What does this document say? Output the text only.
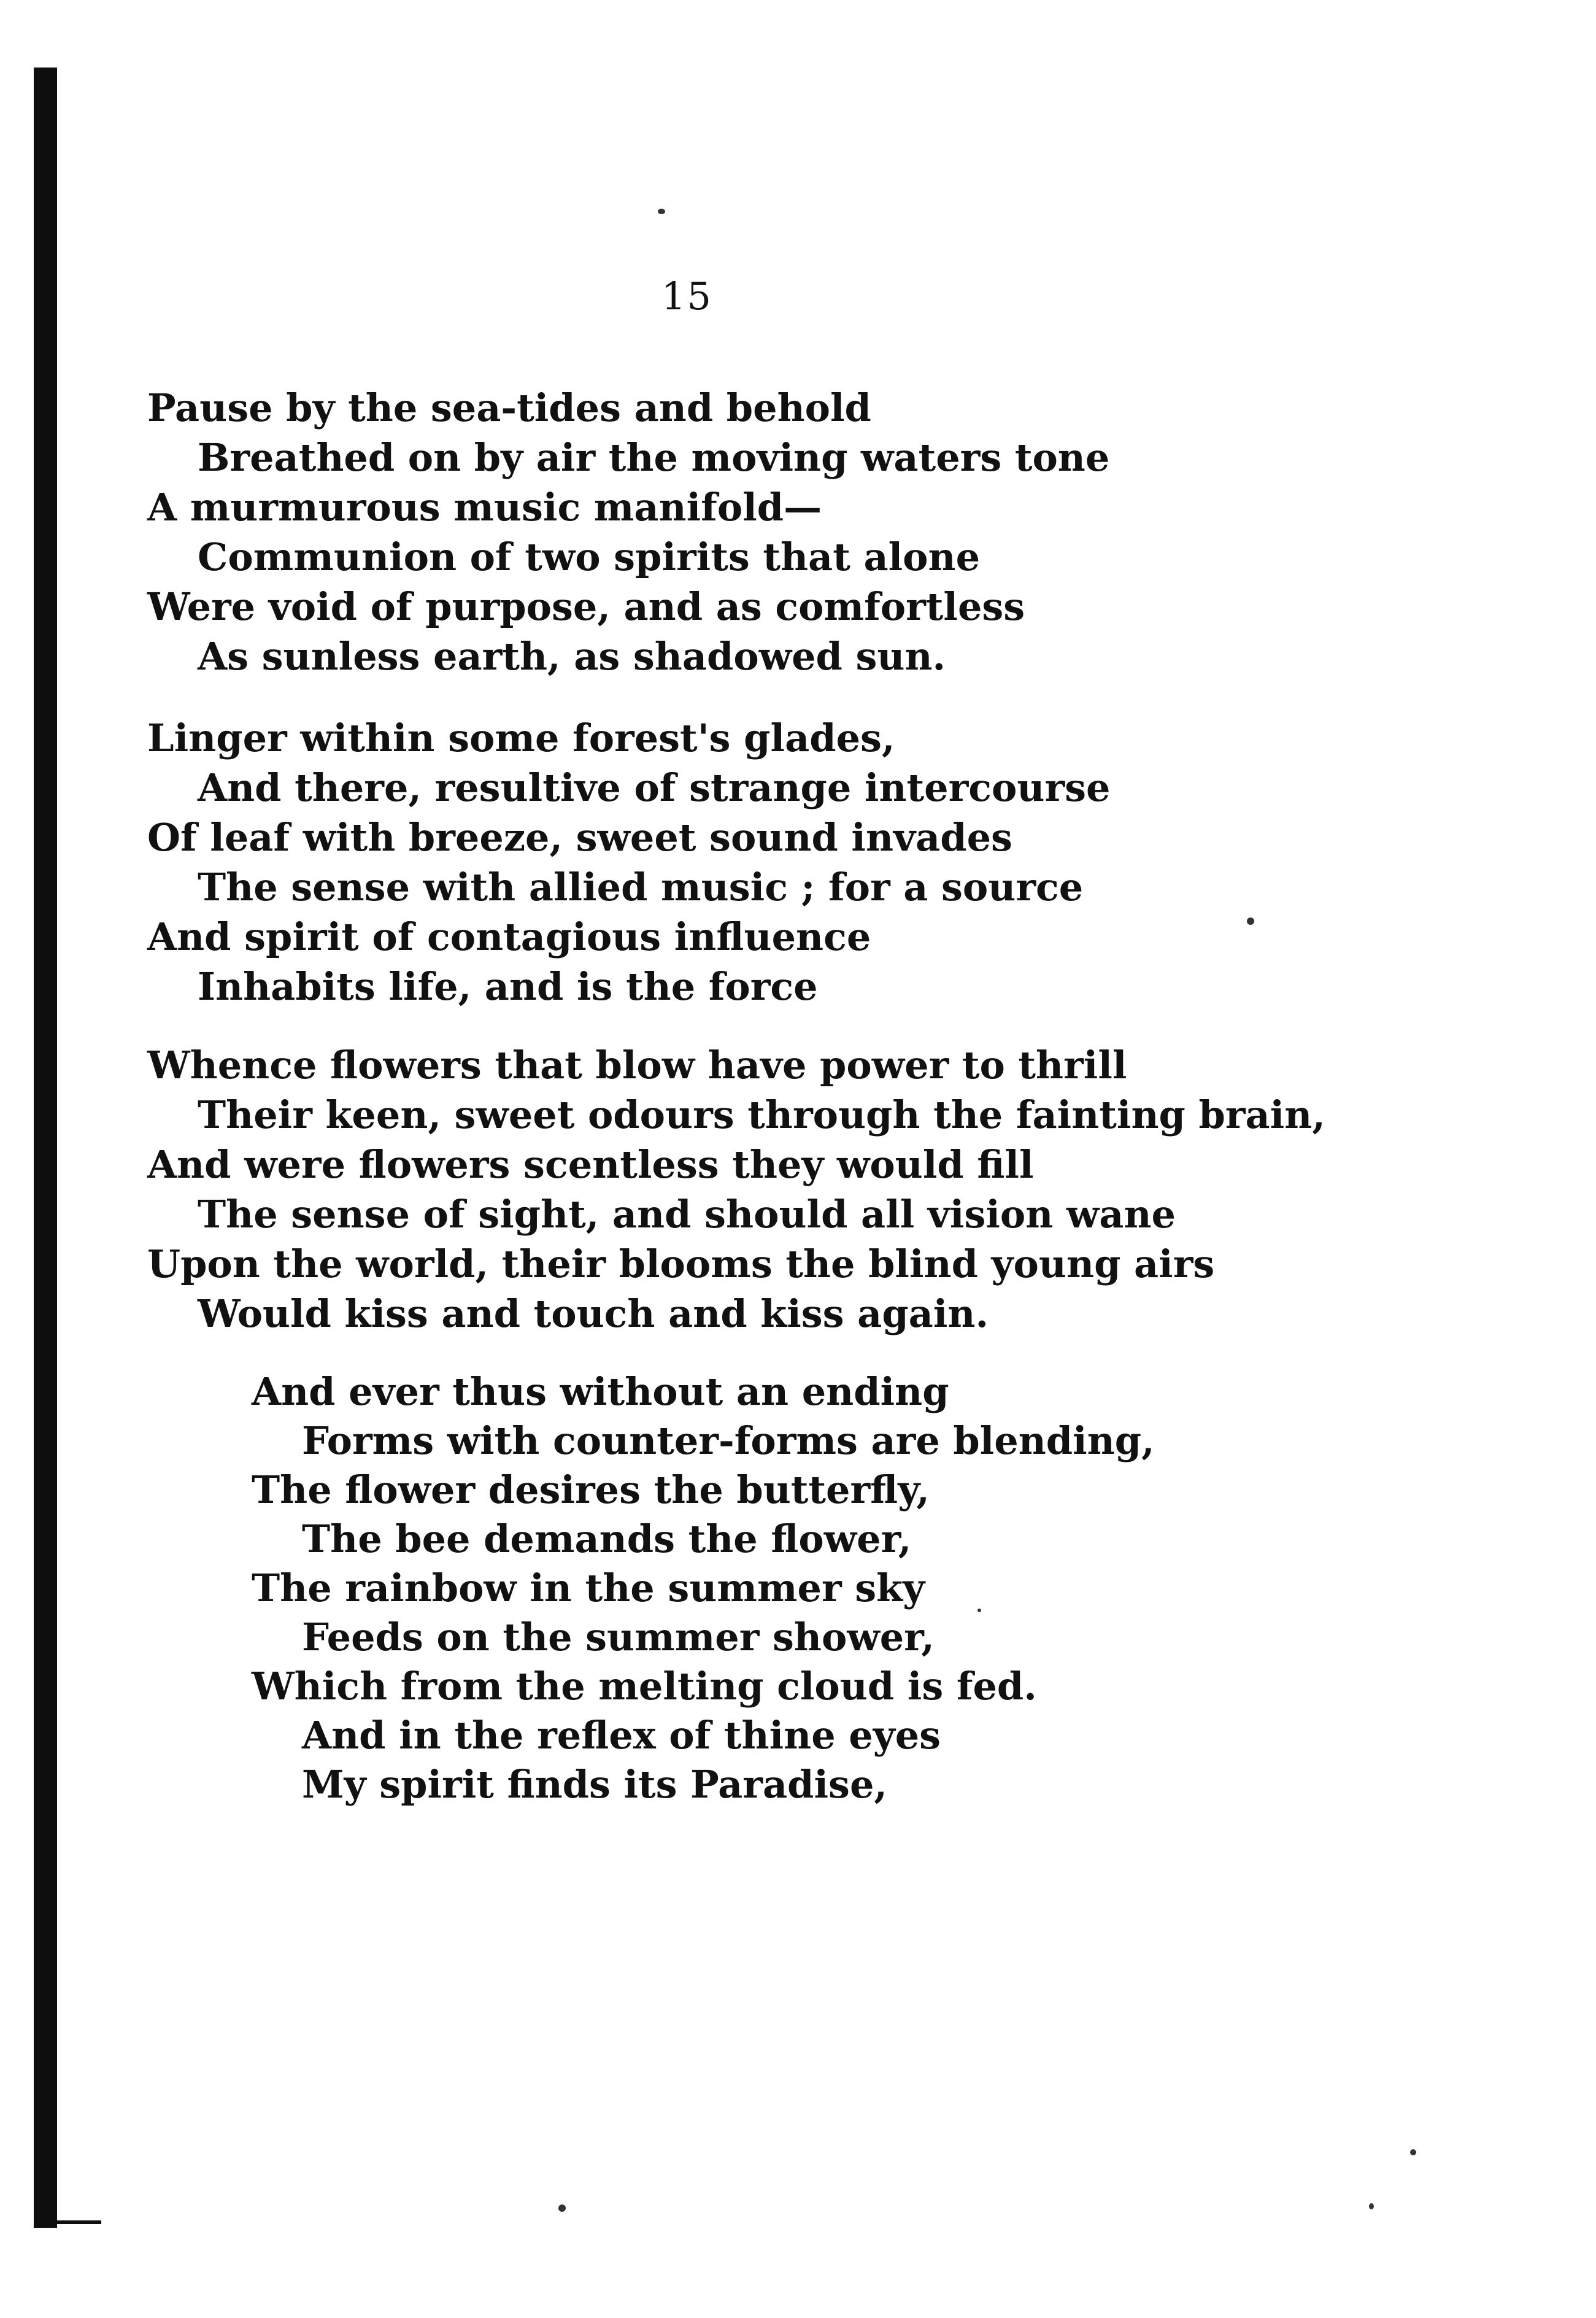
15
Pause by the sea-tides and behold
Breathed on by air the moving waters tone
A murmurous music manifold—
Communion of two spirits that alone
Were void of purpose, and as comfortless
As sunless earth, as shadowed sun.
Linger within some forest's glades,
And there, resultive of strange intercourse
Of leaf with breeze, sweet sound invades
The sense with allied music ; for a source
And spirit of contagious influence
Inhabits life, and is the force
Whence flowers that blow have power to thrill
Their keen, sweet odours through the fainting brain,
And were flowers scentless they would fill
The sense of sight, and should all vision wane
Upon the world, their blooms the blind young airs
Would kiss and touch and kiss again.
And ever thus without an ending
Forms with counter-forms are blending,
The flower desires the butterfly,
The bee demands the flower,
The rainbow in the summer sky
Feeds on the summer shower,
Which from the melting cloud is fed.
And in the reflex of thine eyes
My spirit finds its Paradise,
